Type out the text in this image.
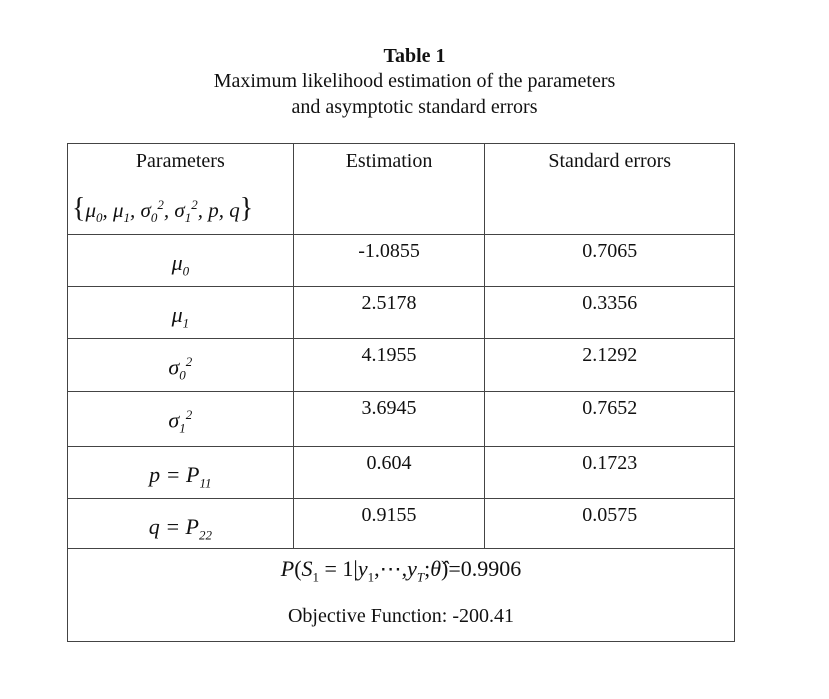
Table 1
Maximum likelihood estimation of the parameters
and asymptotic standard errors
Parameters
{$\mu_0$, $\mu_1$, $\sigma_0^2$, $\sigma_1^2$, p, q}	Estimation	Standard errors
$\mu_0$	-1.0855	0.7065
$\mu_1$	2.5178	0.3356
$\sigma_0^2$	4.1955	2.1292
$\sigma_1^2$	3.6945	0.7652
$p = P_{11}$	0.604	0.1723
$q = P_{22}$	0.9155	0.0575

$P(S_1$ = $1|y_1,\cdots,y_T;\thetâ)=0.9906$
Objective Function: -200.41		
